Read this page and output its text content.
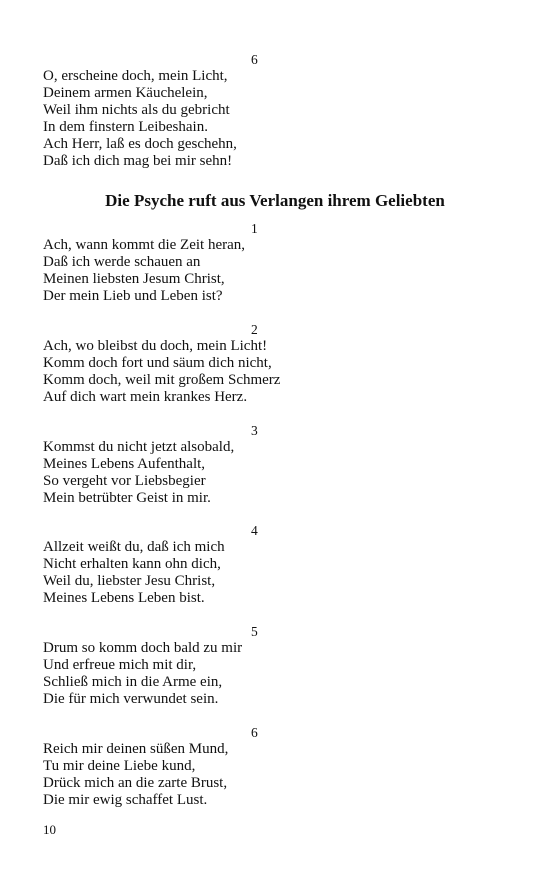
6
O, erscheine doch, mein Licht,
Deinem armen Käuchelein,
Weil ihm nichts als du gebricht
In dem finstern Leibeshain.
Ach Herr, laß es doch geschehn,
Daß ich dich mag bei mir sehn!
Die Psyche ruft aus Verlangen ihrem Geliebten
1
Ach, wann kommt die Zeit heran,
Daß ich werde schauen an
Meinen liebsten Jesum Christ,
Der mein Lieb und Leben ist?
2
Ach, wo bleibst du doch, mein Licht!
Komm doch fort und säum dich nicht,
Komm doch, weil mit großem Schmerz
Auf dich wart mein krankes Herz.
3
Kommst du nicht jetzt alsobald,
Meines Lebens Aufenthalt,
So vergeht vor Liebsbegier
Mein betrübter Geist in mir.
4
Allzeit weißt du, daß ich mich
Nicht erhalten kann ohn dich,
Weil du, liebster Jesu Christ,
Meines Lebens Leben bist.
5
Drum so komm doch bald zu mir
Und erfreue mich mit dir,
Schließ mich in die Arme ein,
Die für mich verwundet sein.
6
Reich mir deinen süßen Mund,
Tu mir deine Liebe kund,
Drück mich an die zarte Brust,
Die mir ewig schaffet Lust.
10
